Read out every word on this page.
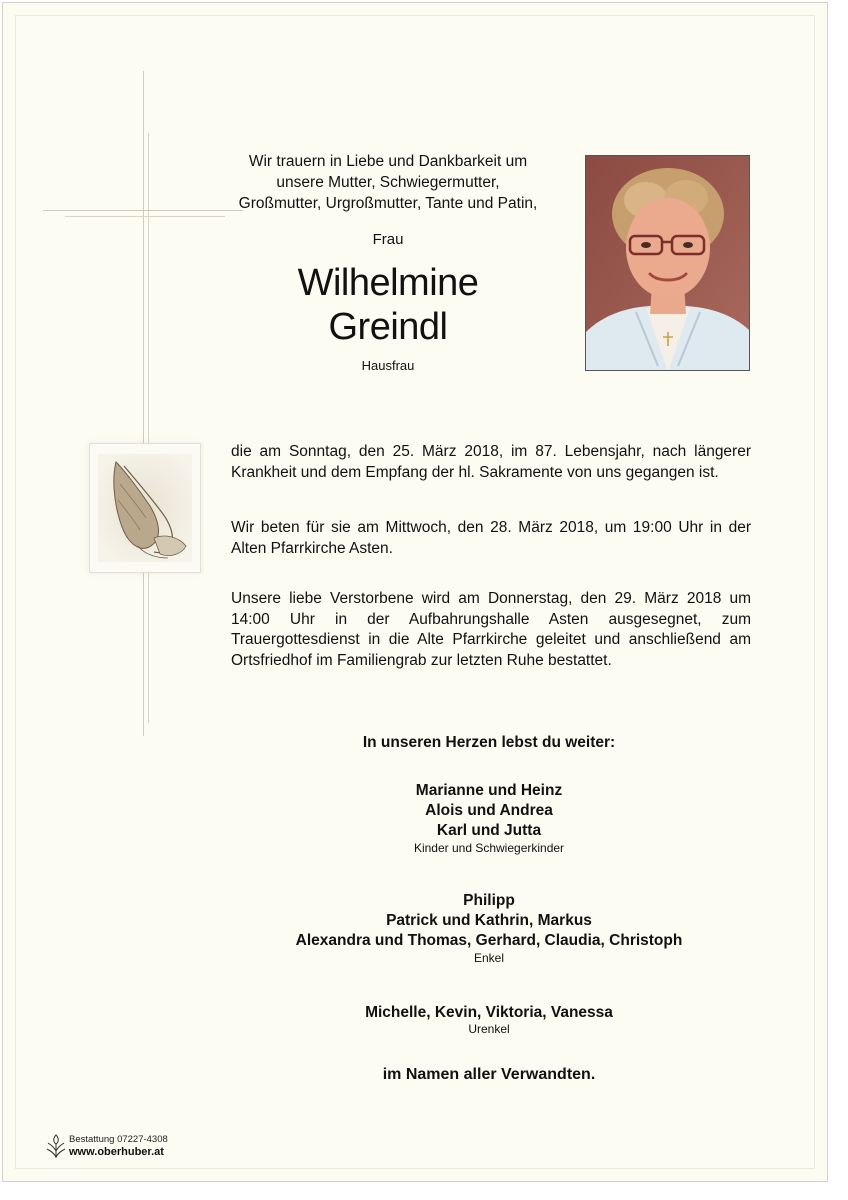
Wir trauern in Liebe und Dankbarkeit um
unsere Mutter, Schwiegermutter,
Großmutter, Urgroßmutter, Tante und Patin,
Frau
Wilhelmine
Greindl
Hausfrau
die am Sonntag, den 25. März 2018, im 87. Lebensjahr, nach längerer Krankheit und dem Empfang der hl. Sakramente von uns gegangen ist.
Wir beten für sie am Mittwoch, den 28. März 2018, um 19:00 Uhr in der Alten Pfarrkirche Asten.
Unsere liebe Verstorbene wird am Donnerstag, den 29. März 2018 um 14:00 Uhr in der Aufbahrungshalle Asten ausgesegnet, zum Trauergottesdienst in die Alte Pfarrkirche geleitet und anschließend am Ortsfriedhof im Familiengrab zur letzten Ruhe bestattet.
In unseren Herzen lebst du weiter:
Marianne und Heinz
Alois und Andrea
Karl und Jutta
Kinder und Schwiegerkinder
Philipp
Patrick und Kathrin, Markus
Alexandra und Thomas, Gerhard, Claudia, Christoph
Enkel
Michelle, Kevin, Viktoria, Vanessa
Urenkel
im Namen aller Verwandten.
Bestattung 07227-4308
www.oberhuber.at
